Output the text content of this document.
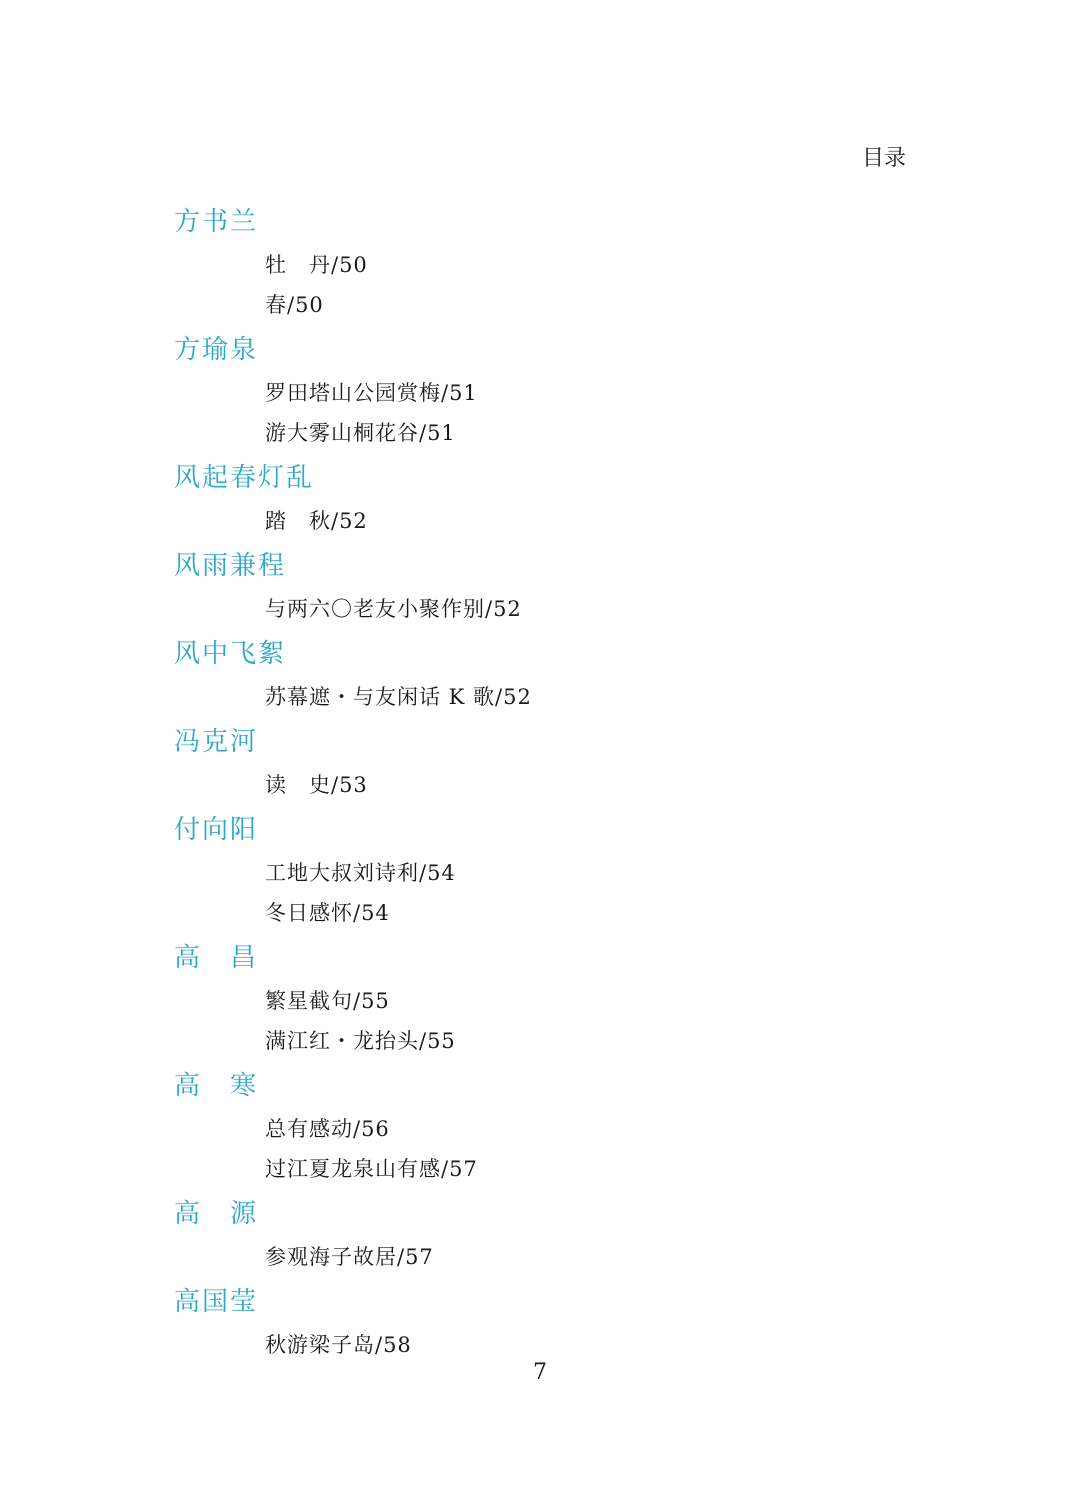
目录
方书兰
牡　丹/50
春/50
方瑜泉
罗田塔山公园赏梅/51
游大雾山桐花谷/51
风起春灯乱
踏　秋/52
风雨兼程
与两六〇老友小聚作别/52
风中飞絮
苏幕遮・与友闲话 K 歌/52
冯克河
读　史/53
付向阳
工地大叔刘诗利/54
冬日感怀/54
高　昌
繁星截句/55
满江红・龙抬头/55
高　寒
总有感动/56
过江夏龙泉山有感/57
高　源
参观海子故居/57
高国莹
秋游梁子岛/58
7
